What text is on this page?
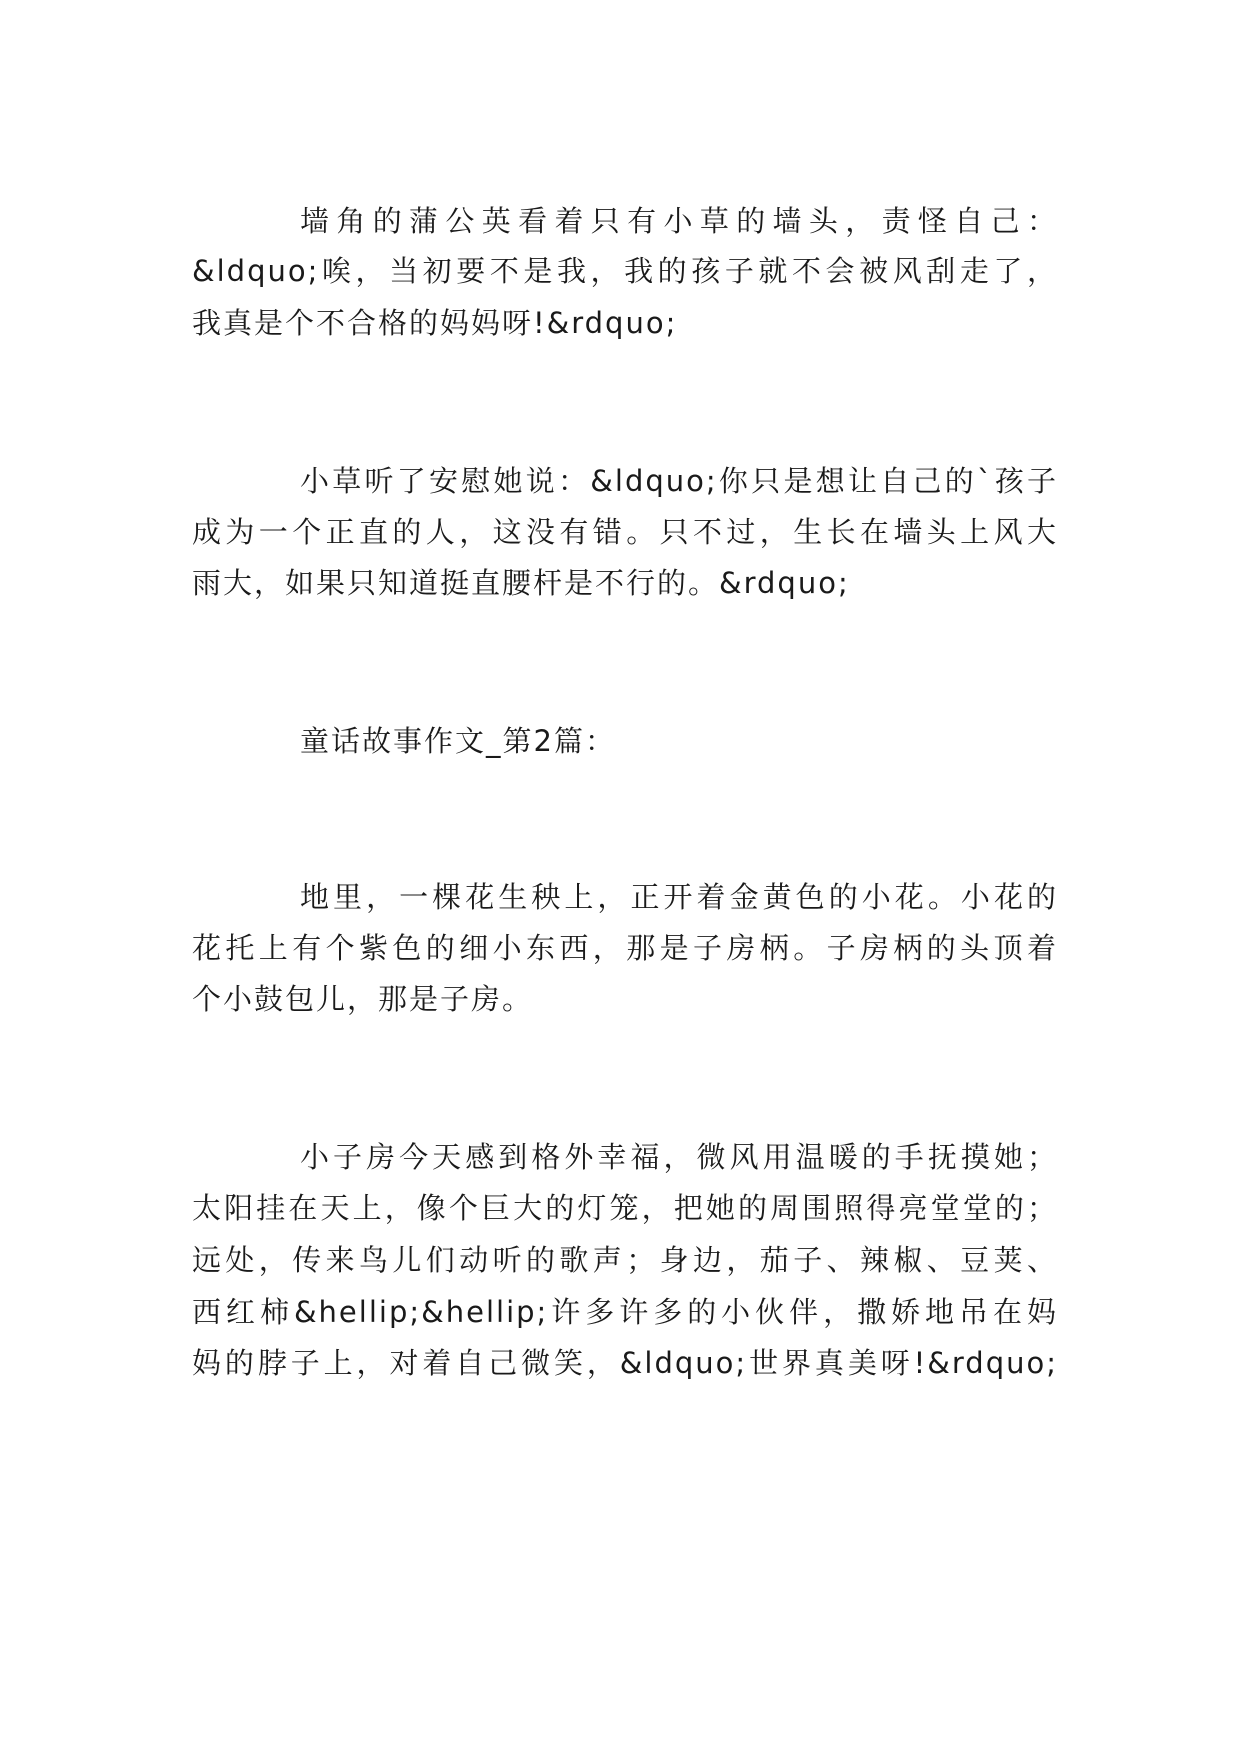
墙角的蒲公英看着只有小草的墙头，责怪自己：
&ldquo;唉，当初要不是我，我的孩子就不会被风刮走了，
我真是个不合格的妈妈呀!&rdquo;
小草听了安慰她说：&ldquo;你只是想让自己的`孩子
成为一个正直的人，这没有错。只不过，生长在墙头上风大
雨大，如果只知道挺直腰杆是不行的。&rdquo;
童话故事作文_第2篇：
地里，一棵花生秧上，正开着金黄色的小花。小花的
花托上有个紫色的细小东西，那是子房柄。子房柄的头顶着
个小鼓包儿，那是子房。
小子房今天感到格外幸福，微风用温暖的手抚摸她；
太阳挂在天上，像个巨大的灯笼，把她的周围照得亮堂堂的；
远处，传来鸟儿们动听的歌声；身边，茄子、辣椒、豆荚、
西红柿&hellip;&hellip;许多许多的小伙伴，撒娇地吊在妈
妈的脖子上，对着自己微笑，&ldquo;世界真美呀!&rdquo;
